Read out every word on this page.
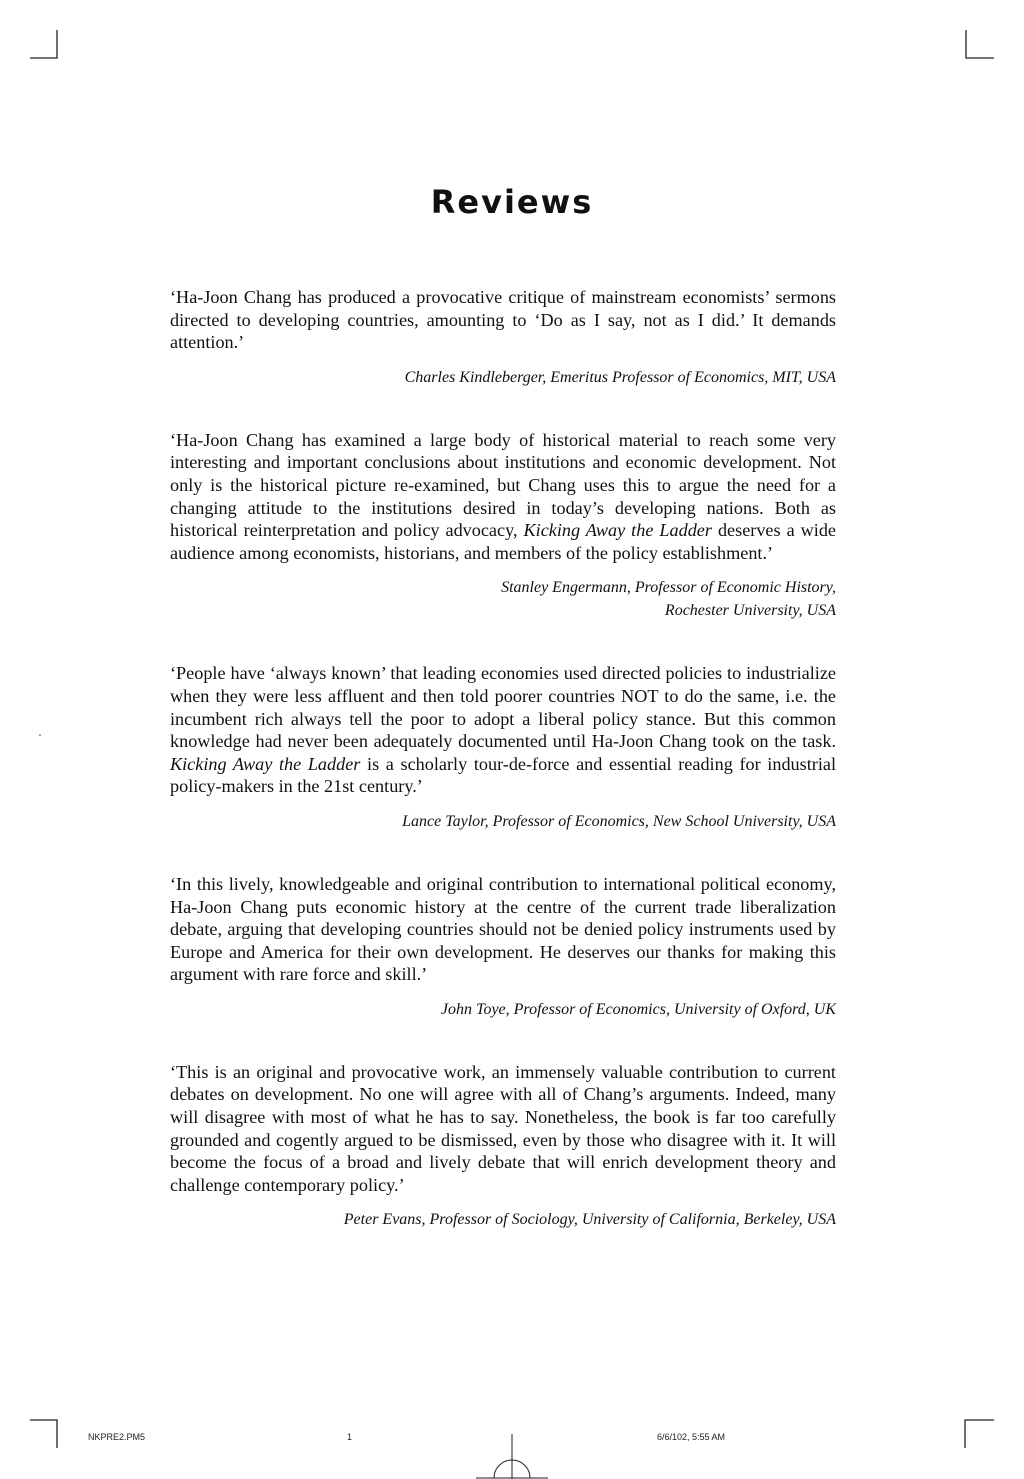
Reviews

‘Ha-Joon Chang has produced a provocative critique of mainstream economists’ sermons directed to developing countries, amounting to ‘Do as I say, not as I did.’ It demands attention.’

Charles Kindleberger, Emeritus Professor of Economics, MIT, USA

‘Ha-Joon Chang has examined a large body of historical material to reach some very interesting and important conclusions about institutions and economic development. Not only is the historical picture re-examined, but Chang uses this to argue the need for a changing attitude to the institutions desired in today’s developing nations. Both as historical reinterpretation and policy advocacy, Kicking Away the Ladder deserves a wide audience among economists, historians, and members of the policy establishment.’

Stanley Engermann, Professor of Economic History,
Rochester University, USA

‘People have ‘always known’ that leading economies used directed policies to industrialize when they were less affluent and then told poorer countries NOT to do the same, i.e. the incumbent rich always tell the poor to adopt a liberal policy stance. But this common knowledge had never been adequately documented until Ha-Joon Chang took on the task. Kicking Away the Ladder is a scholarly tour-de-force and essential reading for industrial policy-makers in the 21st century.’

Lance Taylor, Professor of Economics, New School University, USA

‘In this lively, knowledgeable and original contribution to international political economy, Ha-Joon Chang puts economic history at the centre of the current trade liberalization debate, arguing that developing countries should not be denied policy instruments used by Europe and America for their own development. He deserves our thanks for making this argument with rare force and skill.’

John Toye, Professor of Economics, University of Oxford, UK

‘This is an original and provocative work, an immensely valuable contribution to current debates on development. No one will agree with all of Chang’s arguments. Indeed, many will disagree with most of what he has to say. Nonetheless, the book is far too carefully grounded and cogently argued to be dismissed, even by those who disagree with it. It will become the focus of a broad and lively debate that will enrich development theory and challenge contemporary policy.’

Peter Evans, Professor of Sociology, University of California, Berkeley, USA

NKPRE2.PM5	1	6/6/102, 5:55 AM
